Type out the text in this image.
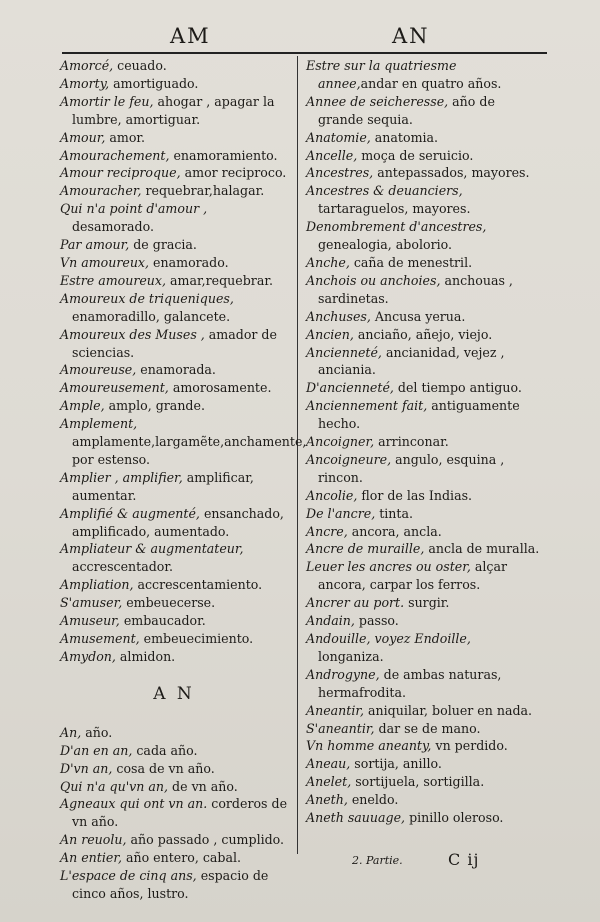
AM	AN

Amorcé, ceuado.

Amorty, amortiguado.

Amortir le feu, ahogar , apagar la lumbre, amortiguar.

Amour, amor.

Amourachement, enamoramiento.

Amour reciproque, amor reciproco.

Amouracher, requebrar,halagar.

Qui n'a point d'amour , desamorado.

Par amour, de gracia.

Vn amoureux, enamorado.

Estre amoureux, amar,requebrar.

Amoureux de triqueniques, enamoradillo, galancete.

Amoureux des Muses , amador de sciencias.

Amoureuse, enamorada.

Amoureusement, amorosamente.

Ample, amplo, grande.

Amplement, amplamente,largamẽte,anchamente, por estenso.

Amplier , amplifier, amplificar, aumentar.

Amplifié & augmenté, ensanchado, amplificado, aumentado.

Ampliateur & augmentateur, accrescentador.

Ampliation, accrescentamiento.

S'amuser, embeuecerse.

Amuseur, embaucador.

Amusement, embeuecimiento.

Amydon, almidon.

A N

An, año.

D'an en an, cada año.

D'vn an, cosa de vn año.

Qui n'a qu'vn an, de vn año.

Agneaux qui ont vn an. corderos de vn año.

An reuolu, año passado , cumplido.

An entier, año entero, cabal.

L'espace de cinq ans, espacio de cinco años, lustro.

Estre sur la quatriesme annee,andar en quatro años.

Annee de seicheresse, año de grande sequia.

Anatomie, anatomia.

Ancelle, moça de seruicio.

Ancestres, antepassados, mayores.

Ancestres & deuanciers, tartaraguelos, mayores.

Denombrement d'ancestres, genealogia, abolorio.

Anche, caña de menestril.

Anchois ou anchoies, anchouas , sardinetas.

Anchuses, Ancusa yerua.

Ancien, anciaño, añejo, viejo.

Ancienneté, ancianidad, vejez , anciania.

D'ancienneté, del tiempo antiguo.

Anciennement fait, antiguamente hecho.

Ancoigner, arrinconar.

Ancoigneure, angulo, esquina , rincon.

Ancolie, flor de las Indias.

De l'ancre, tinta.

Ancre, ancora, ancla.

Ancre de muraille, ancla de muralla.

Leuer les ancres ou oster, alçar ancora, carpar los ferros.

Ancrer au port. surgir.

Andain, passo.

Andouille, voyez Endoille, longaniza.

Androgyne, de ambas naturas, hermafrodita.

Aneantir, aniquilar, boluer en nada.

S'aneantir, dar se de mano.

Vn homme aneanty, vn perdido.

Aneau, sortija, anillo.

Anelet, sortijuela, sortigilla.

Aneth, eneldo.

Aneth sauuage, pinillo oleroso.

2. Partie.	C ij
